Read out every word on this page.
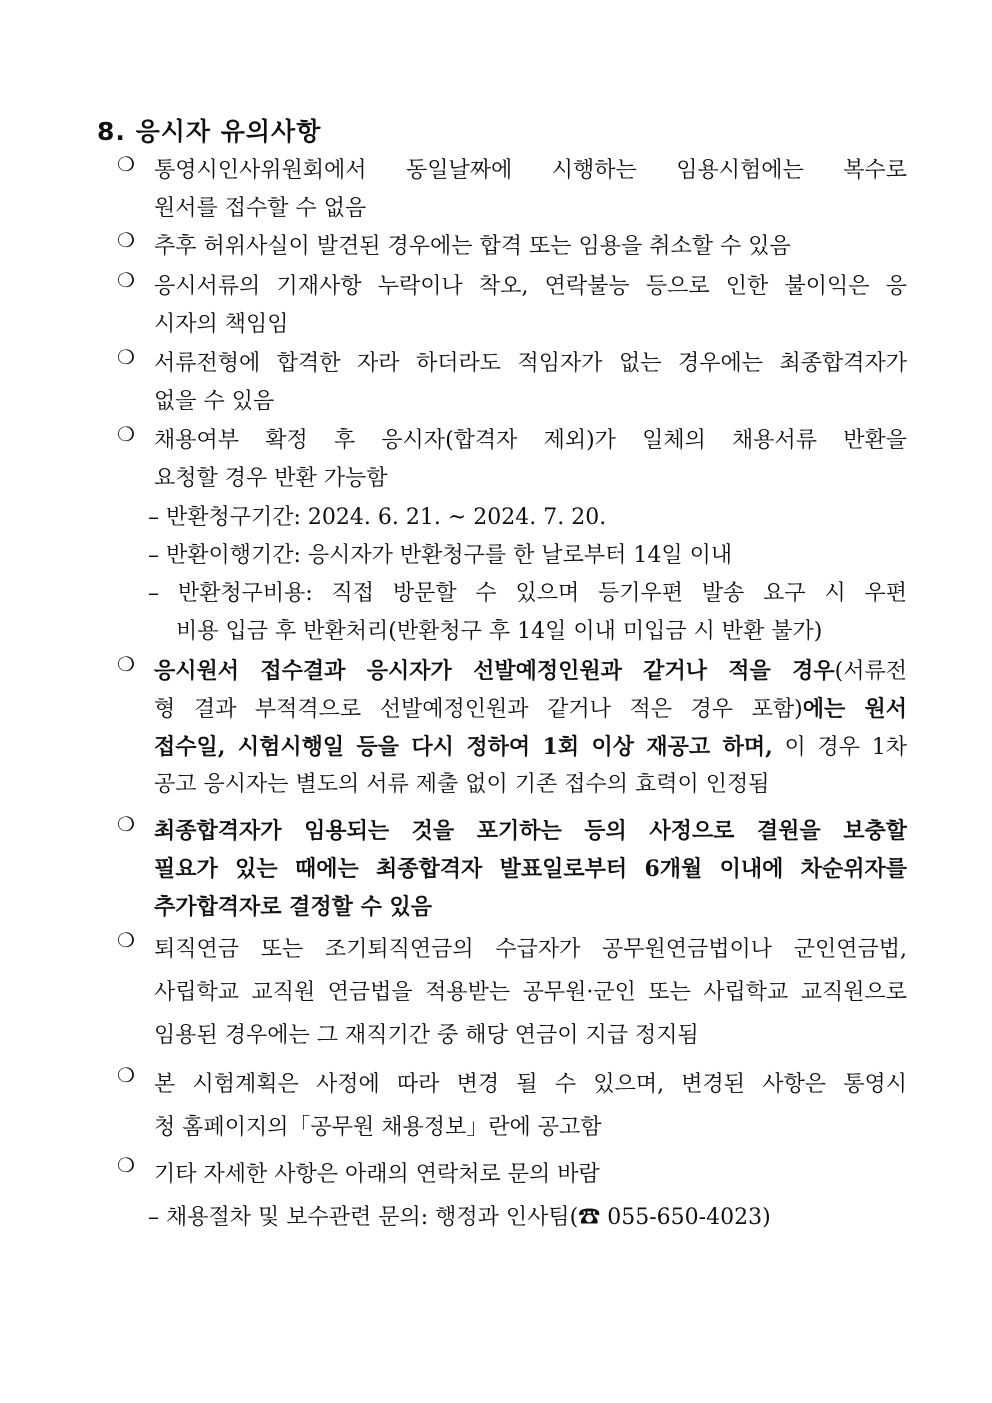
8. 응시자 유의사항
❍ 통영시인사위원회에서 동일날짜에 시행하는 임용시험에는 복수로
원서를 접수할 수 없음
❍ 추후 허위사실이 발견된 경우에는 합격 또는 임용을 취소할 수 있음
❍ 응시서류의 기재사항 누락이나 착오, 연락불능 등으로 인한 불이익은 응
시자의 책임임
❍ 서류전형에 합격한 자라 하더라도 적임자가 없는 경우에는 최종합격자가
없을 수 있음
❍ 채용여부 확정 후 응시자(합격자 제외)가 일체의 채용서류 반환을
요청할 경우 반환 가능함
– 반환청구기간: 2024. 6. 21. ~ 2024. 7. 20.
– 반환이행기간: 응시자가 반환청구를 한 날로부터 14일 이내
– 반환청구비용: 직접 방문할 수 있으며 등기우편 발송 요구 시 우편
비용 입금 후 반환처리(반환청구 후 14일 이내 미입금 시 반환 불가)
❍ 응시원서 접수결과 응시자가 선발예정인원과 같거나 적을 경우(서류전
형 결과 부적격으로 선발예정인원과 같거나 적은 경우 포함)에는 원서
접수일, 시험시행일 등을 다시 정하여 1회 이상 재공고 하며, 이 경우 1차
공고 응시자는 별도의 서류 제출 없이 기존 접수의 효력이 인정됨
❍ 최종합격자가 임용되는 것을 포기하는 등의 사정으로 결원을 보충할
필요가 있는 때에는 최종합격자 발표일로부터 6개월 이내에 차순위자를
추가합격자로 결정할 수 있음
❍ 퇴직연금 또는 조기퇴직연금의 수급자가 공무원연금법이나 군인연금법,
사립학교 교직원 연금법을 적용받는 공무원·군인 또는 사립학교 교직원으로
임용된 경우에는 그 재직기간 중 해당 연금이 지급 정지됨
❍ 본 시험계획은 사정에 따라 변경 될 수 있으며, 변경된 사항은 통영시
청 홈페이지의「공무원 채용정보」란에 공고함
❍ 기타 자세한 사항은 아래의 연락처로 문의 바람
– 채용절차 및 보수관련 문의: 행정과 인사팀(☎ 055-650-4023)
